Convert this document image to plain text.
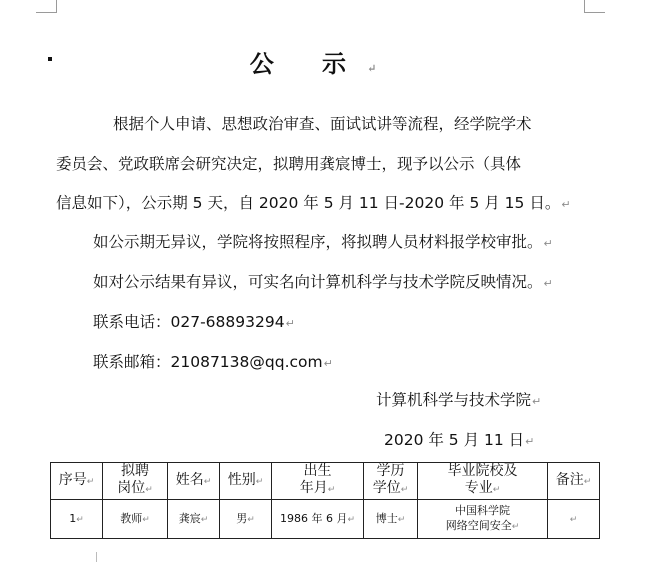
公 示↵
根据个人申请、思想政治审查、面试试讲等流程，经学院学术
委员会、党政联席会研究决定，拟聘用龚宸博士，现予以公示（具体
信息如下），公示期 5 天，自 2020 年 5 月 11 日-2020 年 5 月 15 日。↵
如公示期无异议，学院将按照程序，将拟聘人员材料报学校审批。↵
如对公示结果有异议，可实名向计算机科学与技术学院反映情况。↵
联系电话：027-68893294↵
联系邮箱：21087138@qq.com↵
计算机科学与技术学院↵
2020 年 5 月 11 日↵
序号↵	拟聘
岗位↵	姓名↵	性别↵	出生
年月↵	学历
学位↵	毕业院校及
专业↵	备注↵
1↵	教师↵	龚宸↵	男↵	1986 年 6 月↵	博士↵	中国科学院
网络空间安全↵	↵
